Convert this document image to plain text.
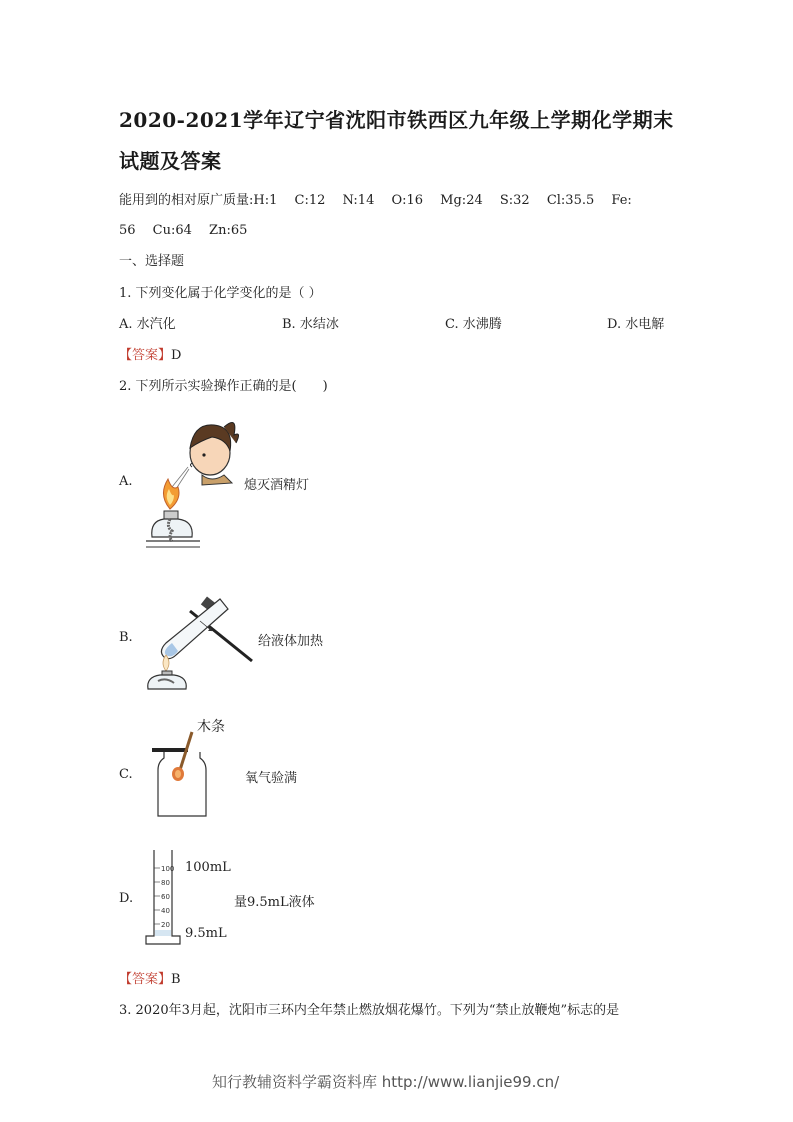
2020-2021学年辽宁省沈阳市铁西区九年级上学期化学期末
试题及答案
能用到的相对原广质量:H:1　 C:12　 N:14　 O:16　 Mg:24　 S:32　 Cl:35.5　 Fe:
56　 Cu:64　 Zn:65
一、选择题
1. 下列变化属于化学变化的是（ ）
A. 水汽化	B. 水结冰	C. 水沸腾	D. 水电解
【答案】D
2. 下列所示实验操作正确的是(　　)
A.	熄灭酒精灯
B.	给液体加热
C.
木条
氧气验满
D.
100
80
60
40
20
100mL
9.5mL
量9.5mL液体
【答案】B
3. 2020年3月起，沈阳市三环内全年禁止燃放烟花爆竹。下列为“禁止放鞭炮”标志的是
知行教辅资料学霸资料库 http://www.lianjie99.cn/
